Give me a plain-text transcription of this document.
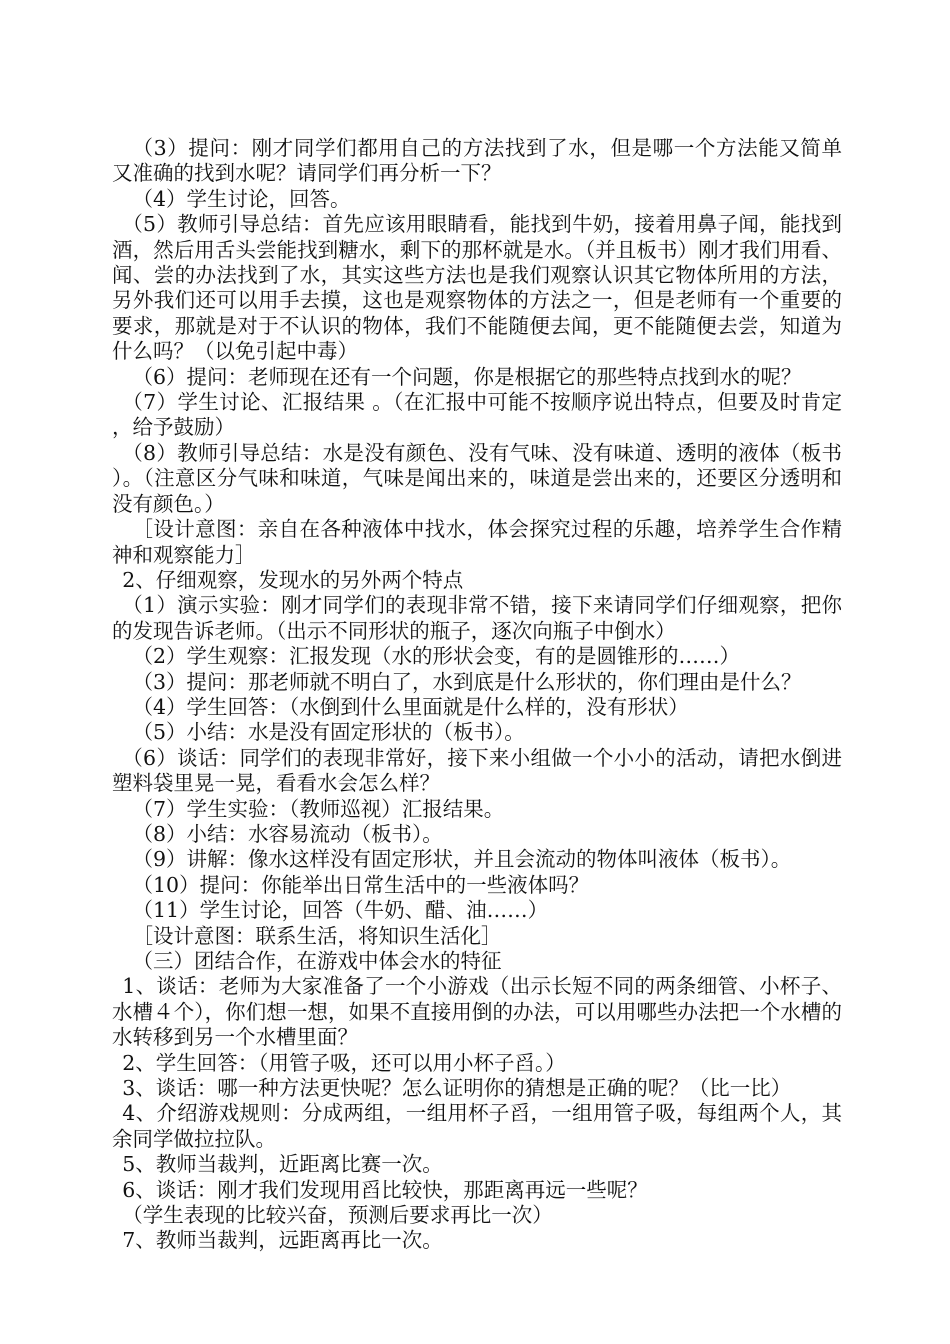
（3）提问：刚才同学们都用自己的方法找到了水，但是哪一个方法能又简单又准确的找到水呢？请同学们再分析一下？

（4）学生讨论，回答。

（5）教师引导总结：首先应该用眼睛看，能找到牛奶，接着用鼻子闻，能找到酒，然后用舌头尝能找到糖水，剩下的那杯就是水。（并且板书）刚才我们用看、闻、尝的办法找到了水，其实这些方法也是我们观察认识其它物体所用的方法，另外我们还可以用手去摸，这也是观察物体的方法之一，但是老师有一个重要的要求，那就是对于不认识的物体，我们不能随便去闻，更不能随便去尝，知道为什么吗？（以免引起中毒）

（6）提问：老师现在还有一个问题，你是根据它的那些特点找到水的呢？

（7）学生讨论、汇报结果 。（在汇报中可能不按顺序说出特点，但要及时肯定，给予鼓励）

（8）教师引导总结：水是没有颜色、没有气味、没有味道、透明的液体（板书）。（注意区分气味和味道，气味是闻出来的，味道是尝出来的，还要区分透明和没有颜色。）

［设计意图：亲自在各种液体中找水，体会探究过程的乐趣，培养学生合作精神和观察能力］

2、仔细观察，发现水的另外两个特点

（1）演示实验：刚才同学们的表现非常不错，接下来请同学们仔细观察，把你的发现告诉老师。（出示不同形状的瓶子，逐次向瓶子中倒水）

（2）学生观察：汇报发现（水的形状会变，有的是圆锥形的……）

（3）提问：那老师就不明白了，水到底是什么形状的，你们理由是什么？

（4）学生回答：（水倒到什么里面就是什么样的，没有形状）

（5）小结：水是没有固定形状的（板书）。

（6）谈话：同学们的表现非常好，接下来小组做一个小小的活动，请把水倒进塑料袋里晃一晃，看看水会怎么样？

（7）学生实验：（教师巡视）汇报结果。

（8）小结：水容易流动（板书）。

（9）讲解：像水这样没有固定形状，并且会流动的物体叫液体（板书）。

（10）提问：你能举出日常生活中的一些液体吗？

（11）学生讨论，回答（牛奶、醋、油……）

［设计意图：联系生活，将知识生活化］

（三）团结合作，在游戏中体会水的特征

1、谈话：老师为大家准备了一个小游戏（出示长短不同的两条细管、小杯子、水槽４个），你们想一想，如果不直接用倒的办法，可以用哪些办法把一个水槽的水转移到另一个水槽里面？

2、学生回答：（用管子吸，还可以用小杯子舀。）

3、谈话：哪一种方法更快呢？怎么证明你的猜想是正确的呢？（比一比）

4、介绍游戏规则：分成两组，一组用杯子舀，一组用管子吸，每组两个人，其余同学做拉拉队。

5、教师当裁判，近距离比赛一次。

6、谈话：刚才我们发现用舀比较快，那距离再远一些呢？

（学生表现的比较兴奋，预测后要求再比一次）

7、教师当裁判，远距离再比一次。
